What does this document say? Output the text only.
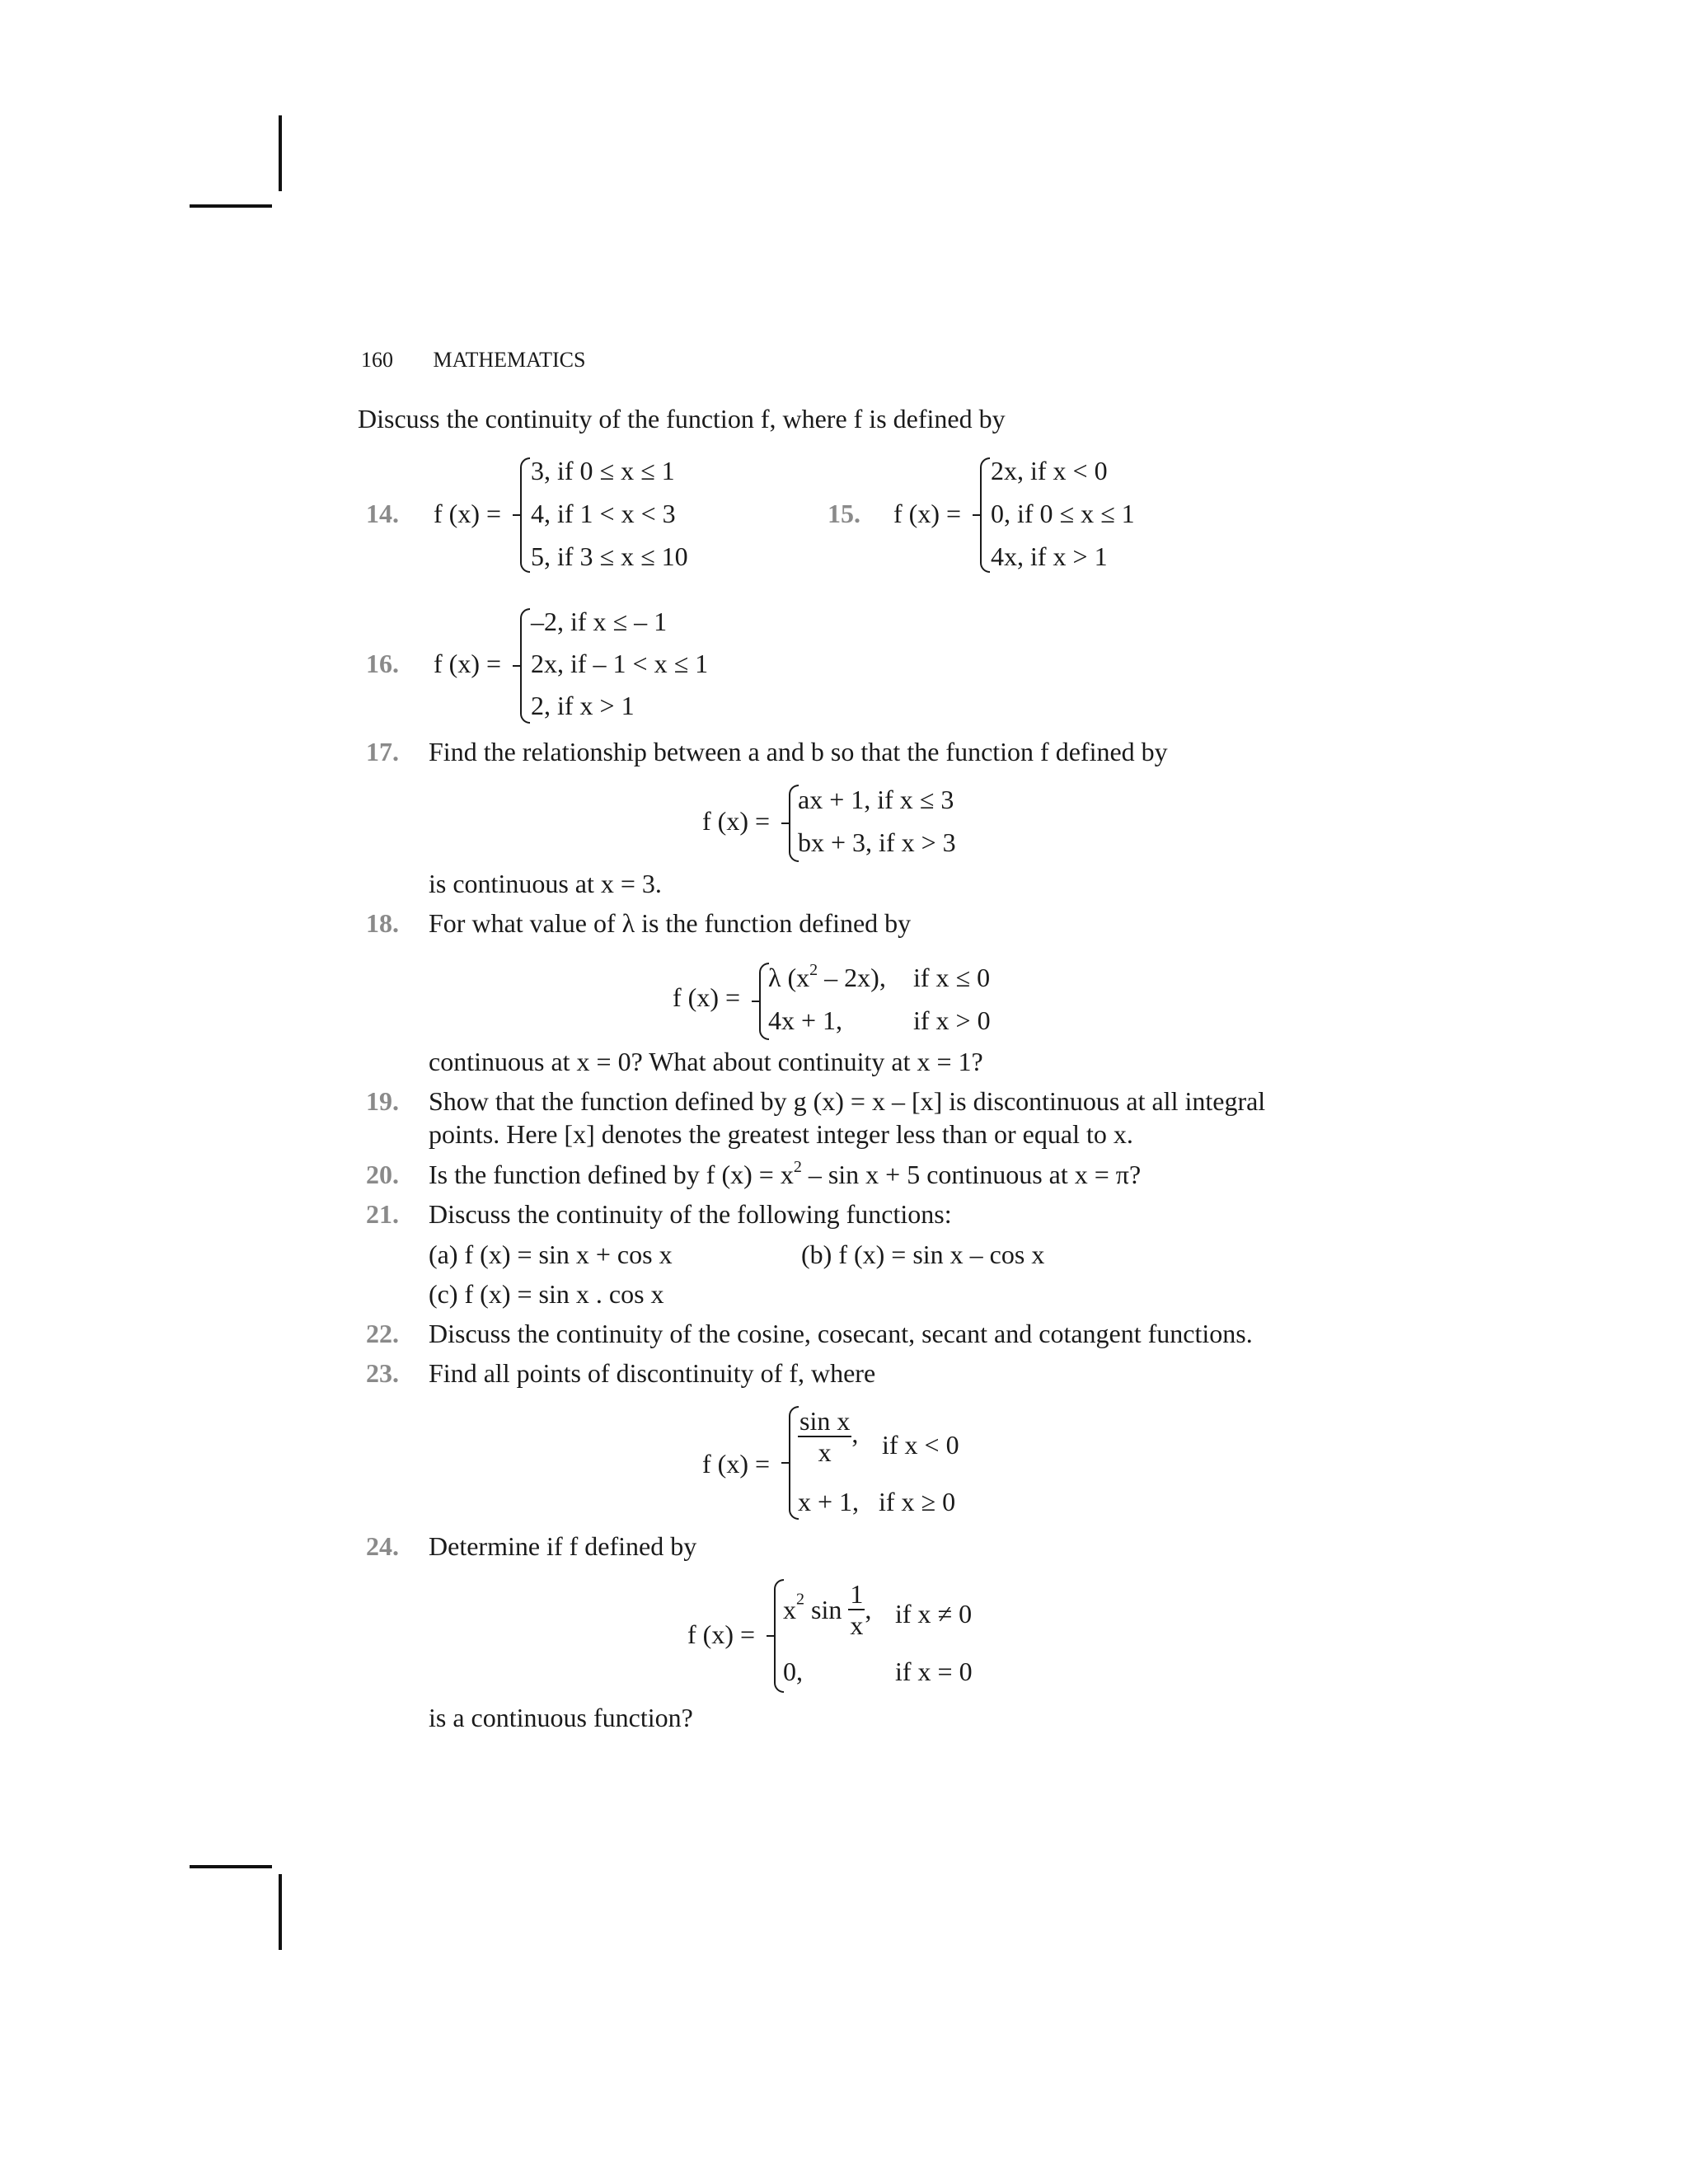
160 MATHEMATICS
Discuss the continuity of the function f, where f is defined by
14. f (x) =
3, if 0 ≤ x ≤ 1
4, if 1 < x < 3
5, if 3 ≤ x ≤ 10
15. f (x) =
2x, if x < 0
0, if 0 ≤ x ≤ 1
4x, if x > 1
16. f (x) =
–2, if x ≤ – 1
2x, if – 1 < x ≤ 1
2, if x > 1
17. Find the relationship between a and b so that the function f defined by
f (x) =
ax + 1, if x ≤ 3
bx + 3, if x > 3
is continuous at x = 3.
18. For what value of λ is the function defined by
f (x) =
λ $(x^2 - 2x)$, if x ≤ 0
4x + 1,	if x > 0
continuous at x = 0? What about continuity at x = 1?
19. Show that the function defined by g (x) = x – [x] is discontinuous at all integral
points. Here [x] denotes the greatest integer less than or equal to x.
20. Is the function defined by f $(x) = x^2 - \sin x + 5$ continuous at x = π?
21. Discuss the continuity of the following functions:
(a) f (x) = sin x + cos x	(b) f (x) = sin x – cos x
(c) f (x) = sin x . cos x
22. Discuss the continuity of the cosine, cosecant, secant and cotangent functions.
23. Find all points of discontinuity of f, where
f $(x) = \frac{\text{sin x}}{x}$ , if x < 0
x + 1, if x ≥ 0
24. Determine if f defined by
f (x) =
$x^2$ $\sin \frac{1}{x}$ , if x ≠ 0
0,	if x = 0
is a continuous function?
